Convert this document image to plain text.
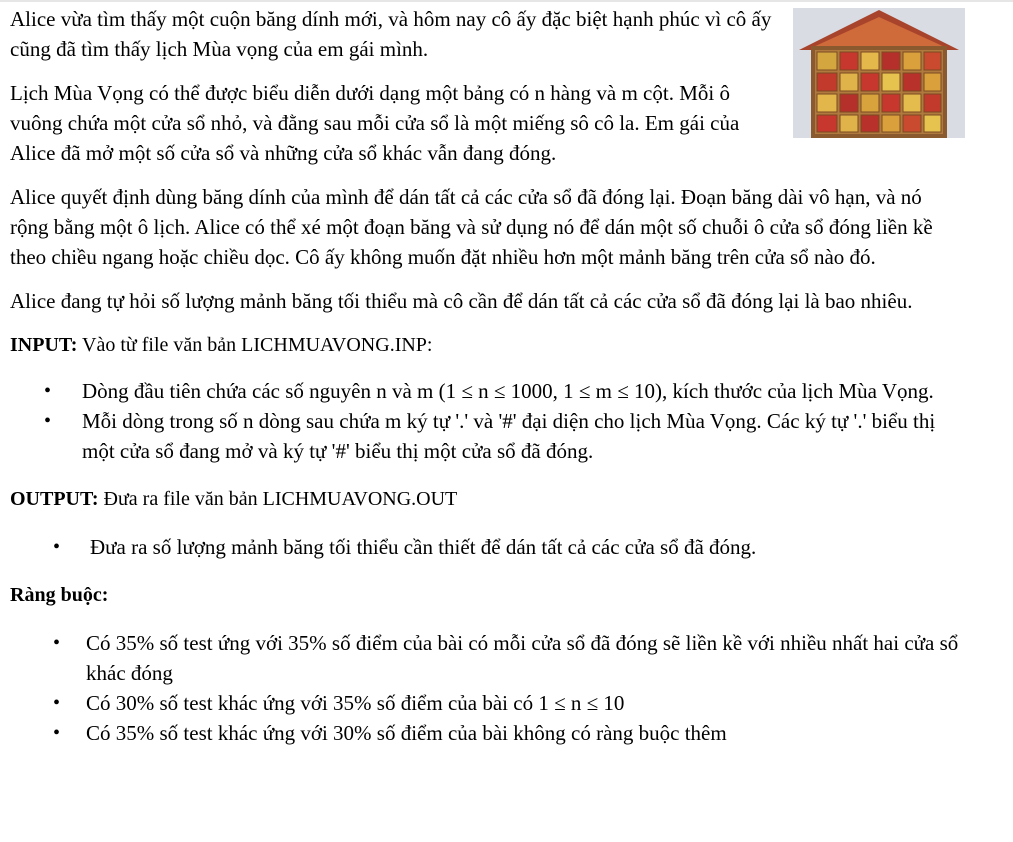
Alice vừa tìm thấy một cuộn băng dính mới, và hôm nay cô ấy đặc biệt hạnh phúc vì cô ấy cũng đã tìm thấy lịch Mùa vọng của em gái mình.

Lịch Mùa Vọng có thể được biểu diễn dưới dạng một bảng có n hàng và m cột. Mỗi ô vuông chứa một cửa sổ nhỏ, và đằng sau mỗi cửa sổ là một miếng sô cô la. Em gái của Alice đã mở một số cửa sổ và những cửa sổ khác vẫn đang đóng.

Alice quyết định dùng băng dính của mình để dán tất cả các cửa sổ đã đóng lại. Đoạn băng dài vô hạn, và nó rộng bằng một ô lịch. Alice có thể xé một đoạn băng và sử dụng nó để dán một số chuỗi ô cửa sổ đóng liền kề theo chiều ngang hoặc chiều dọc. Cô ấy không muốn đặt nhiều hơn một mảnh băng trên cửa sổ nào đó.

Alice đang tự hỏi số lượng mảnh băng tối thiểu mà cô cần để dán tất cả các cửa sổ đã đóng lại là bao nhiêu.

INPUT: Vào từ file văn bản LICHMUAVONG.INP:

• Dòng đầu tiên chứa các số nguyên n và m (1 ≤ n ≤ 1000, 1 ≤ m ≤ 10), kích thước của lịch Mùa Vọng.
• Mỗi dòng trong số n dòng sau chứa m ký tự '.' và '#' đại diện cho lịch Mùa Vọng. Các ký tự '.' biểu thị một cửa sổ đang mở và ký tự '#' biểu thị một cửa sổ đã đóng.

OUTPUT: Đưa ra file văn bản LICHMUAVONG.OUT

• Đưa ra số lượng mảnh băng tối thiểu cần thiết để dán tất cả các cửa sổ đã đóng.

Ràng buộc:

• Có 35% số test ứng với 35% số điểm của bài có mỗi cửa sổ đã đóng sẽ liền kề với nhiều nhất hai cửa sổ khác đóng
• Có 30% số test khác ứng với 35% số điểm của bài có 1 ≤ n ≤ 10
• Có 35% số test khác ứng với 30% số điểm của bài không có ràng buộc thêm
